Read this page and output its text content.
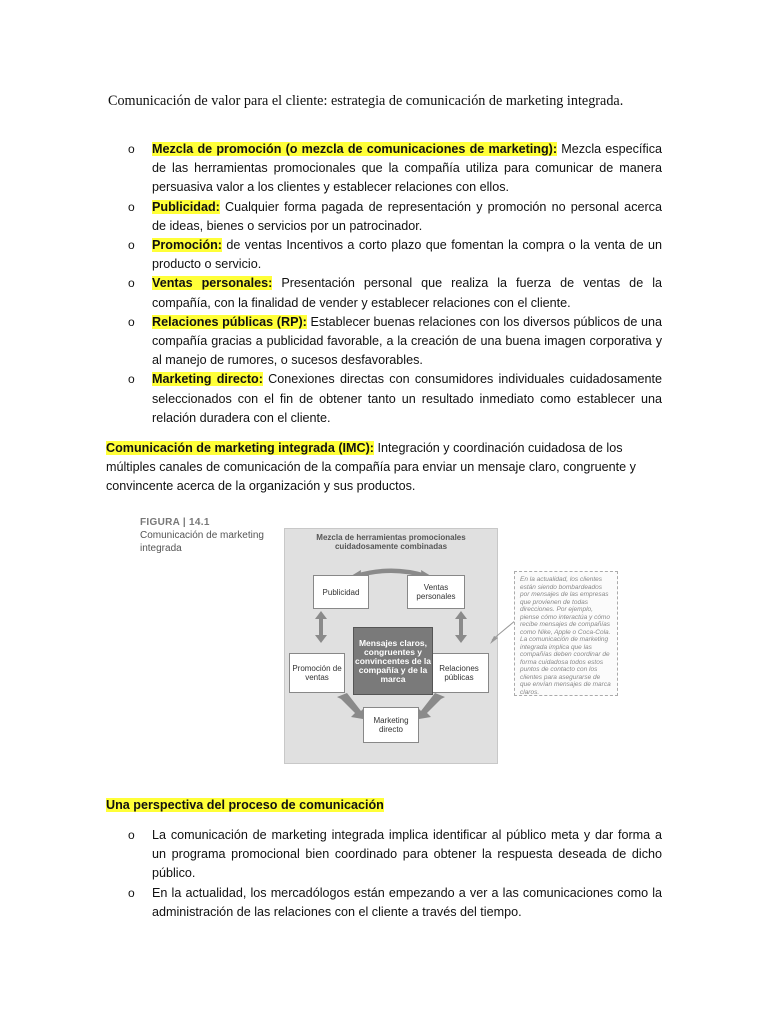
Comunicación de valor para el cliente: estrategia de comunicación de marketing integrada.
o Mezcla de promoción (o mezcla de comunicaciones de marketing): Mezcla específica de las herramientas promocionales que la compañía utiliza para comunicar de manera persuasiva valor a los clientes y establecer relaciones con ellos.
o Publicidad: Cualquier forma pagada de representación y promoción no personal acerca de ideas, bienes o servicios por un patrocinador.
o Promoción: de ventas Incentivos a corto plazo que fomentan la compra o la venta de un producto o servicio.
o Ventas personales: Presentación personal que realiza la fuerza de ventas de la compañía, con la finalidad de vender y establecer relaciones con el cliente.
o Relaciones públicas (RP): Establecer buenas relaciones con los diversos públicos de una compañía gracias a publicidad favorable, a la creación de una buena imagen corporativa y al manejo de rumores, o sucesos desfavorables.
o Marketing directo: Conexiones directas con consumidores individuales cuidadosamente seleccionados con el fin de obtener tanto un resultado inmediato como establecer una relación duradera con el cliente.
Comunicación de marketing integrada (IMC): Integración y coordinación cuidadosa de los múltiples canales de comunicación de la compañía para enviar un mensaje claro, congruente y convincente acerca de la organización y sus productos.
FIGURA | 14.1
Comunicación de marketing integrada
Mezcla de herramientas promocionales cuidadosamente combinadas
Publicidad	Ventas personales
Promoción de ventas
Relaciones públicas
Marketing directo
Mensajes claros, congruentes y convincentes de la compañía y de la marca
En la actualidad, los clientes están siendo bombardeados por mensajes de las empresas que provienen de todas direcciones. Por ejemplo, piense cómo interactúa y cómo recibe mensajes de compañías como Nike, Apple o Coca-Cola. La comunicación de marketing integrada implica que las compañías deben coordinar de forma cuidadosa todos estos puntos de contacto con los clientes para asegurarse de que envían mensajes de marca claros.
Una perspectiva del proceso de comunicación
o La comunicación de marketing integrada implica identificar al público meta y dar forma a un programa promocional bien coordinado para obtener la respuesta deseada de dicho público.
o En la actualidad, los mercadólogos están empezando a ver a las comunicaciones como la administración de las relaciones con el cliente a través del tiempo.
